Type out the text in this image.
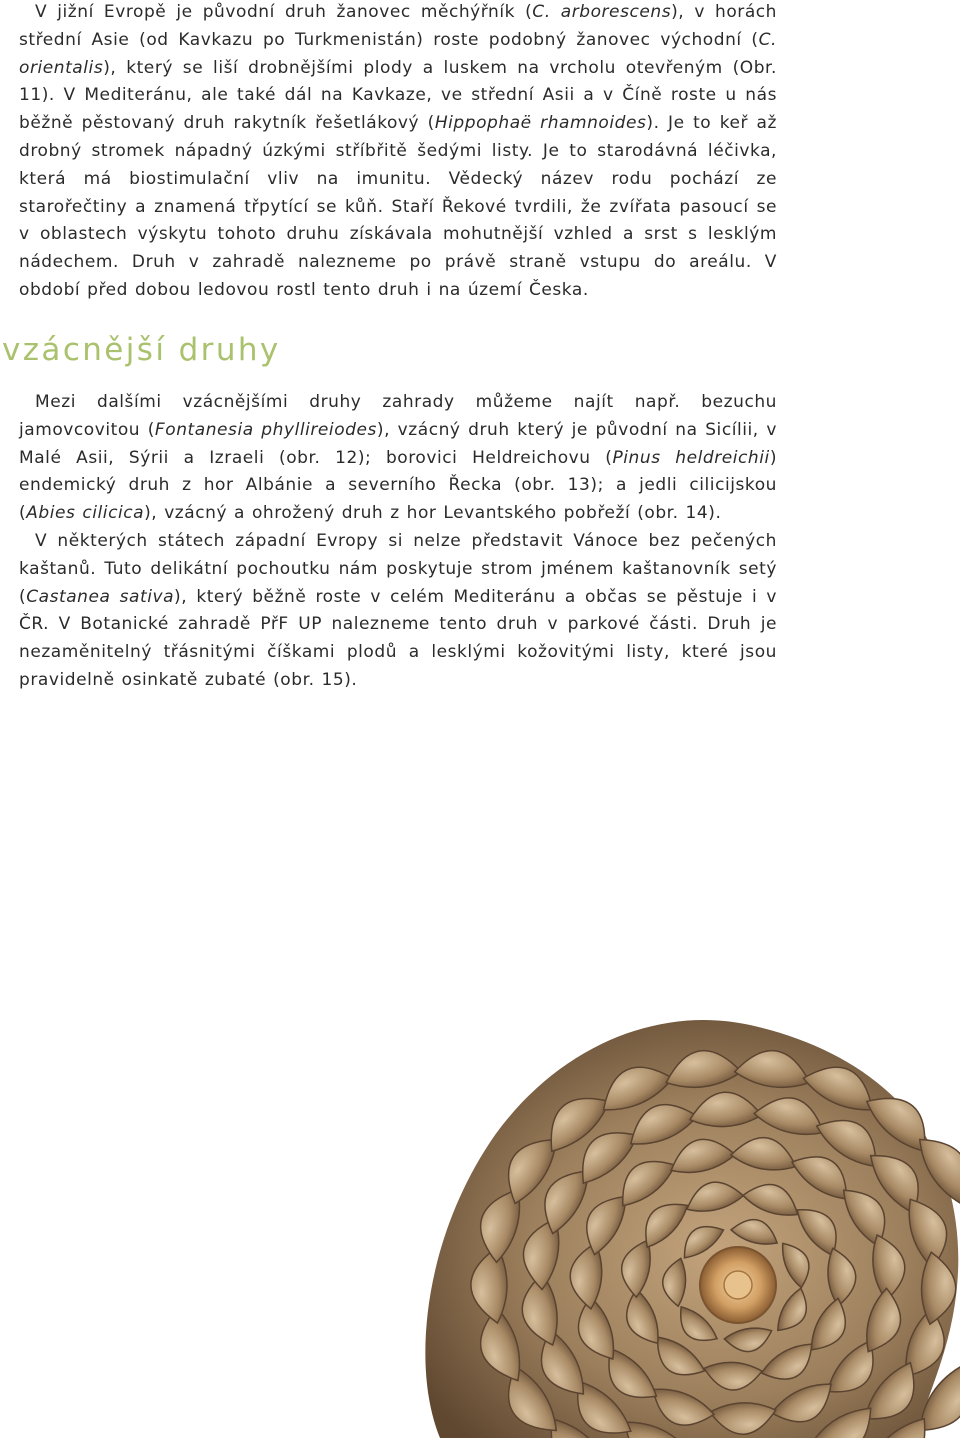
V jižní Evropě je původní druh žanovec měchýřník (C. arborescens), v horách střední Asie (od Kavkazu po Turkmenistán) roste podobný žanovec východní (C. orientalis), který se liší drobnějšími plody a luskem na vrcholu otevřeným (Obr. 11). V Mediteránu, ale také dál na Kavkaze, ve střední Asii a v Číně roste u nás běžně pěstovaný druh rakytník řešetlákový (Hippophaë rhamnoides). Je to keř až drobný stromek nápadný úzkými stříbřitě šedými listy. Je to starodávná léčivka, která má biostimulační vliv na imunitu. Vědecký název rodu pochází ze starořečtiny a znamená třpytící se kůň. Staří Řekové tvrdili, že zvířata pasoucí se v oblastech výskytu tohoto druhu získávala mohutnější vzhled a srst s lesklým nádechem. Druh v zahradě nalezneme po právě straně vstupu do areálu. V období před dobou ledovou rostl tento druh i na území Česka.

vzácnější druhy

Mezi dalšími vzácnějšími druhy zahrady můžeme najít např. bezuchu jamovcovitou (Fontanesia phyllireiodes), vzácný druh který je původní na Sicílii, v Malé Asii, Sýrii a Izraeli (obr. 12); borovici Heldreichovu (Pinus heldreichii) endemický druh z hor Albánie a severního Řecka (obr. 13); a jedli cilicijskou (Abies cilicica), vzácný a ohrožený druh z hor Levantského pobřeží (obr. 14).

V některých státech západní Evropy si nelze představit Vánoce bez pečených kaštanů. Tuto delikátní pochoutku nám poskytuje strom jménem kaštanovník setý (Castanea sativa), který běžně roste v celém Mediteránu a občas se pěstuje i v ČR. V Botanické zahradě PřF UP nalezneme tento druh v parkové části. Druh je nezaměnitelný třásnitými číškami plodů a lesklými kožovitými listy, které jsou pravidelně osinkatě zubaté (obr. 15).
